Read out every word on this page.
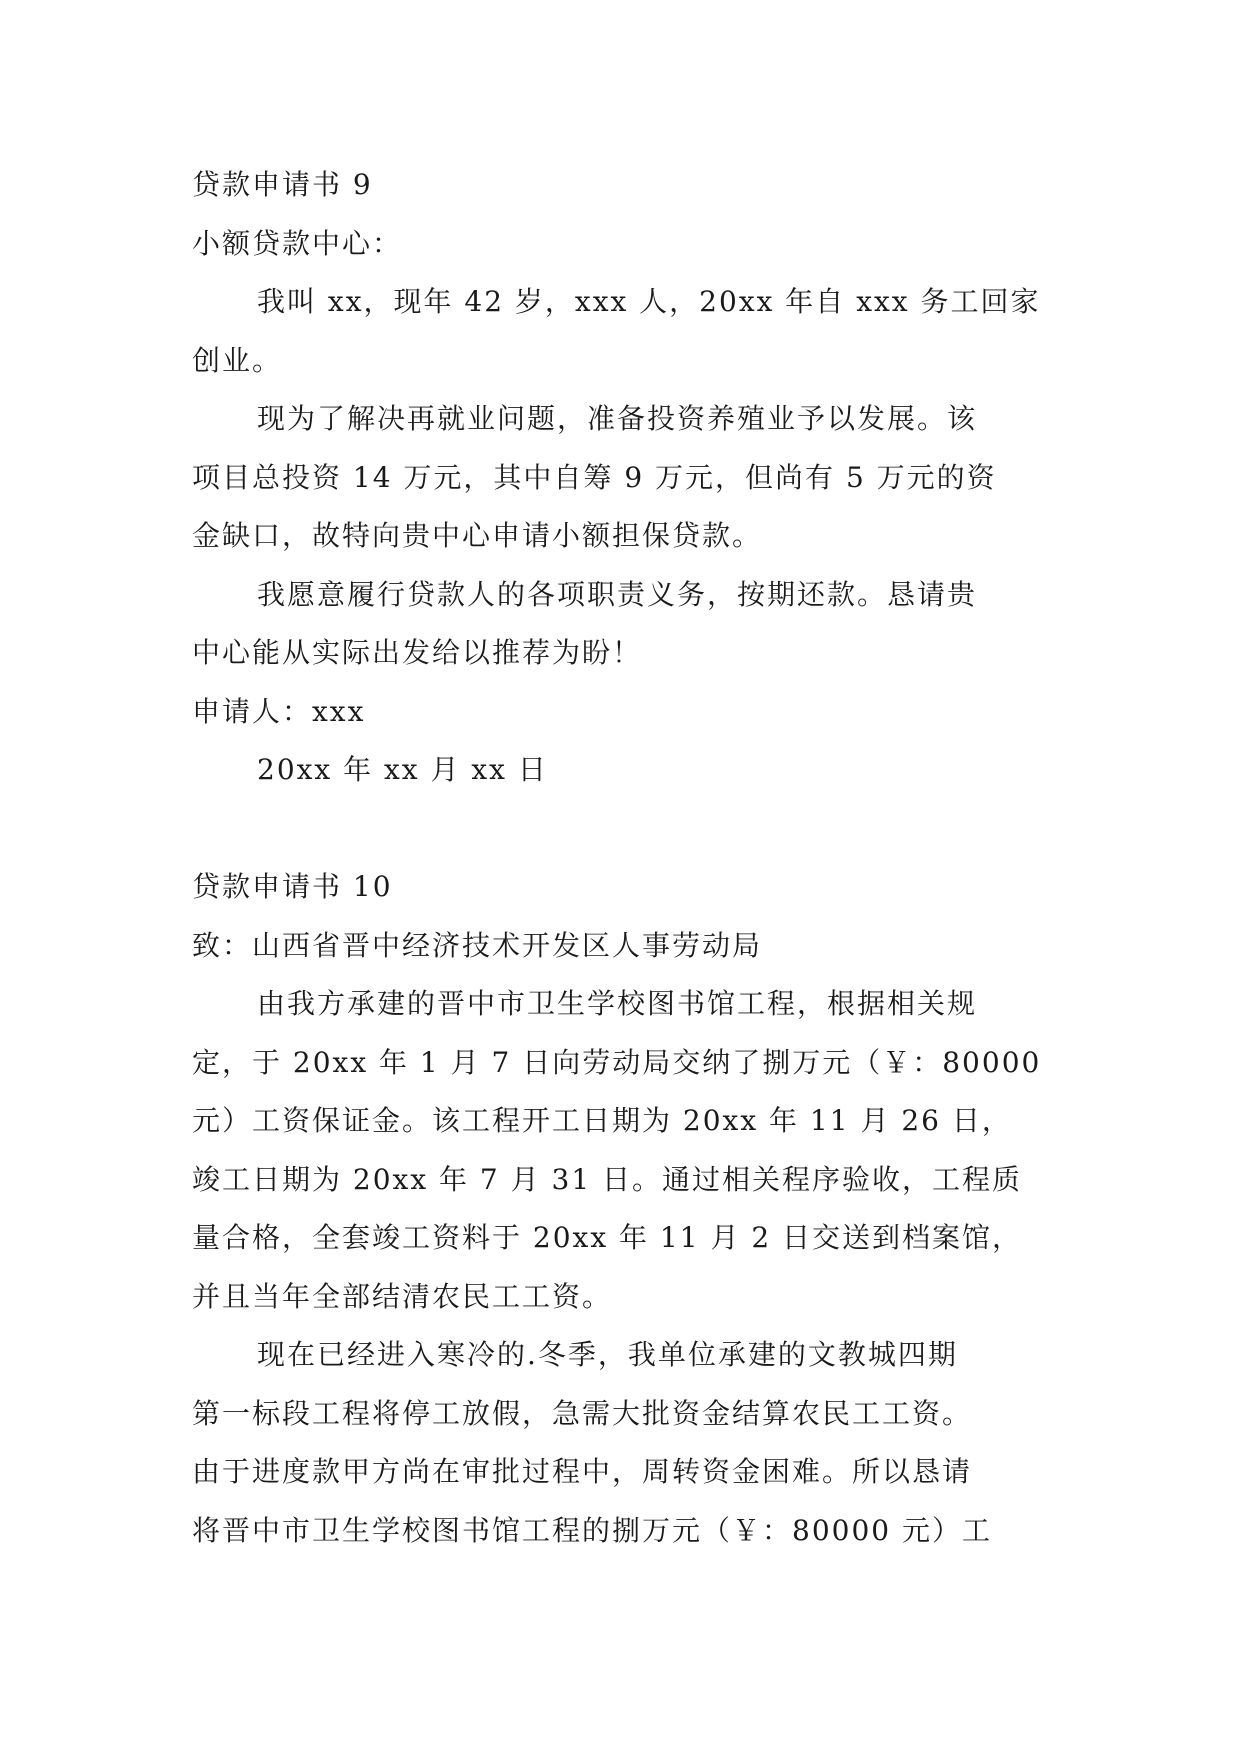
贷款申请书 9
小额贷款中心：
我叫 xx，现年 42 岁，xxx 人，20xx 年自 xxx 务工回家
创业。
现为了解决再就业问题，准备投资养殖业予以发展。该
项目总投资 14 万元，其中自筹 9 万元，但尚有 5 万元的资
金缺口，故特向贵中心申请小额担保贷款。
我愿意履行贷款人的各项职责义务，按期还款。恳请贵
中心能从实际出发给以推荐为盼！
申请人：xxx
20xx 年 xx 月 xx 日
贷款申请书 10
致：山西省晋中经济技术开发区人事劳动局
由我方承建的晋中市卫生学校图书馆工程，根据相关规
定，于 20xx 年 1 月 7 日向劳动局交纳了捌万元（￥：80000
元）工资保证金。该工程开工日期为 20xx 年 11 月 26 日，
竣工日期为 20xx 年 7 月 31 日。通过相关程序验收，工程质
量合格，全套竣工资料于 20xx 年 11 月 2 日交送到档案馆，
并且当年全部结清农民工工资。
现在已经进入寒冷的.冬季，我单位承建的文教城四期
第一标段工程将停工放假，急需大批资金结算农民工工资。
由于进度款甲方尚在审批过程中，周转资金困难。所以恳请
将晋中市卫生学校图书馆工程的捌万元（￥：80000 元）工
